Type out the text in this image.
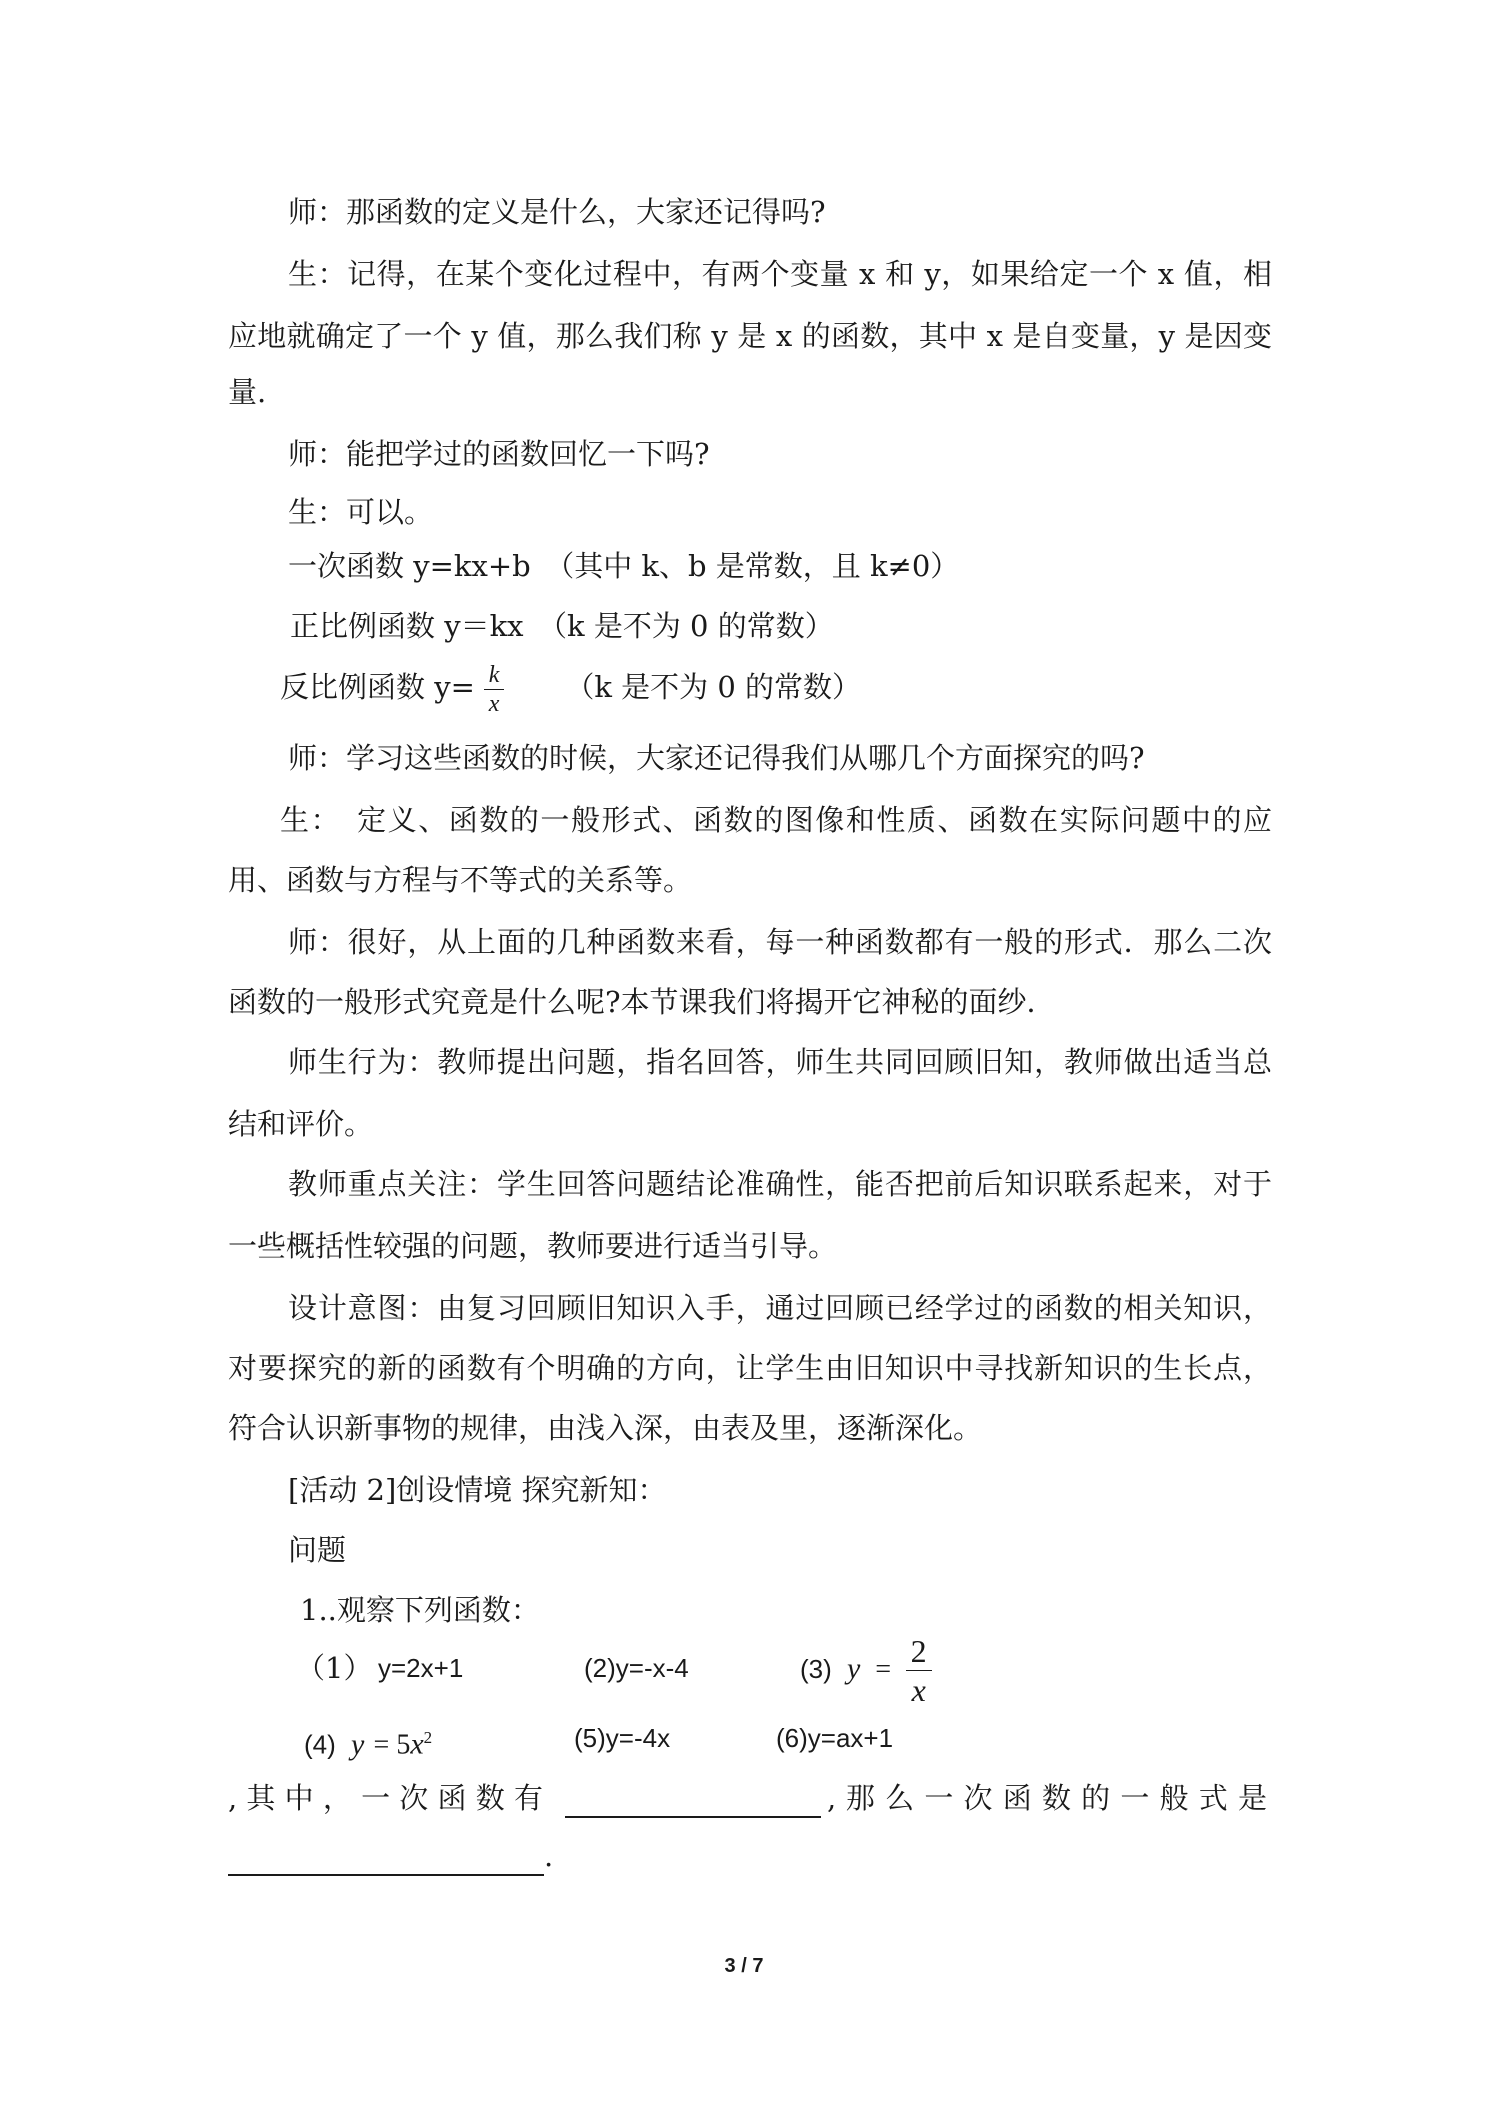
师：那函数的定义是什么，大家还记得吗?
生：记得，在某个变化过程中，有两个变量 x 和 y，如果给定一个 x 值，相
应地就确定了一个 y 值，那么我们称 y 是 x 的函数，其中 x 是自变量，y 是因变
量.
师：能把学过的函数回忆一下吗?
生：可以。
一次函数 y=kx+b　（其中 k、b 是常数，且 k≠0）
正比例函数 y＝kx　（k 是不为 0 的常数）
反比例函数 $y= \frac{k}{x} (k$ 是不为 0 的常数）
师：学习这些函数的时候，大家还记得我们从哪几个方面探究的吗?
生：　定义、函数的一般形式、函数的图像和性质、函数在实际问题中的应
用、函数与方程与不等式的关系等。
师：很好，从上面的几种函数来看，每一种函数都有一般的形式．那么二次
函数的一般形式究竟是什么呢?本节课我们将揭开它神秘的面纱．
师生行为：教师提出问题，指名回答，师生共同回顾旧知，教师做出适当总
结和评价。
教师重点关注：学生回答问题结论准确性，能否把前后知识联系起来，对于
一些概括性较强的问题，教师要进行适当引导。
设计意图：由复习回顾旧知识入手，通过回顾已经学过的函数的相关知识，
对要探究的新的函数有个明确的方向，让学生由旧知识中寻找新知识的生长点，
符合认识新事物的规律，由浅入深，由表及里，逐渐深化。
[活动 2]创设情境 探究新知：
问题
1..观察下列函数：
（1） y=2x+1	(2)y=-x-4	(3) $y = \frac{2}{x}$
(4) $y = 5x^2$	(5)y=-4x	(6)y=ax+1
, 其 中 ， 一 次 函 数 有	, 那 么 一 次 函 数 的 一 般 式 是
.
3 / 7
